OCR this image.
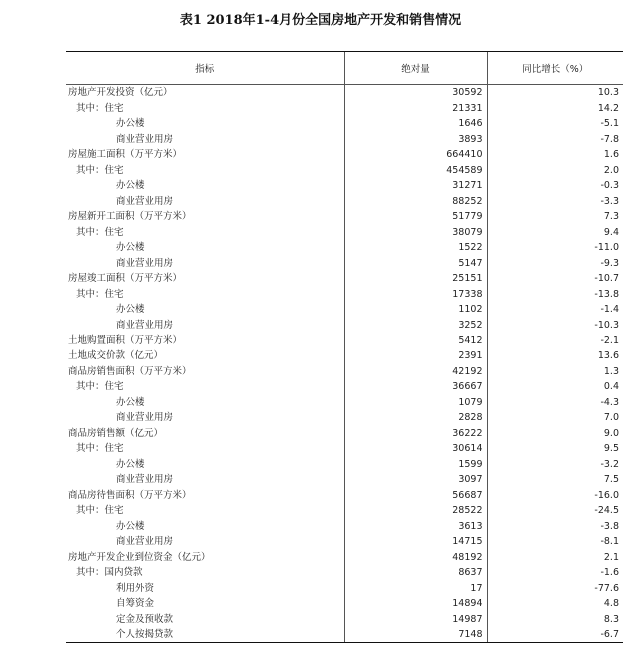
表1 2018年1-4月份全国房地产开发和销售情况
指标	绝对量	同比增长（%）
房地产开发投资（亿元）	30592	10.3
其中：住宅	21331	14.2
办公楼	1646	-5.1
商业营业用房	3893	-7.8
房屋施工面积（万平方米）	664410	1.6
其中：住宅	454589	2.0
办公楼	31271	-0.3
商业营业用房	88252	-3.3
房屋新开工面积（万平方米）	51779	7.3
其中：住宅	38079	9.4
办公楼	1522	-11.0
商业营业用房	5147	-9.3
房屋竣工面积（万平方米）	25151	-10.7
其中：住宅	17338	-13.8
办公楼	1102	-1.4
商业营业用房	3252	-10.3
土地购置面积（万平方米）	5412	-2.1
土地成交价款（亿元）	2391	13.6
商品房销售面积（万平方米）	42192	1.3
其中：住宅	36667	0.4
办公楼	1079	-4.3
商业营业用房	2828	7.0
商品房销售额（亿元）	36222	9.0
其中：住宅	30614	9.5
办公楼	1599	-3.2
商业营业用房	3097	7.5
商品房待售面积（万平方米）	56687	-16.0
其中：住宅	28522	-24.5
办公楼	3613	-3.8
商业营业用房	14715	-8.1
房地产开发企业到位资金（亿元）	48192	2.1
其中：国内贷款	8637	-1.6
利用外资	17	-77.6
自筹资金	14894	4.8
定金及预收款	14987	8.3
个人按揭贷款	7148	-6.7
